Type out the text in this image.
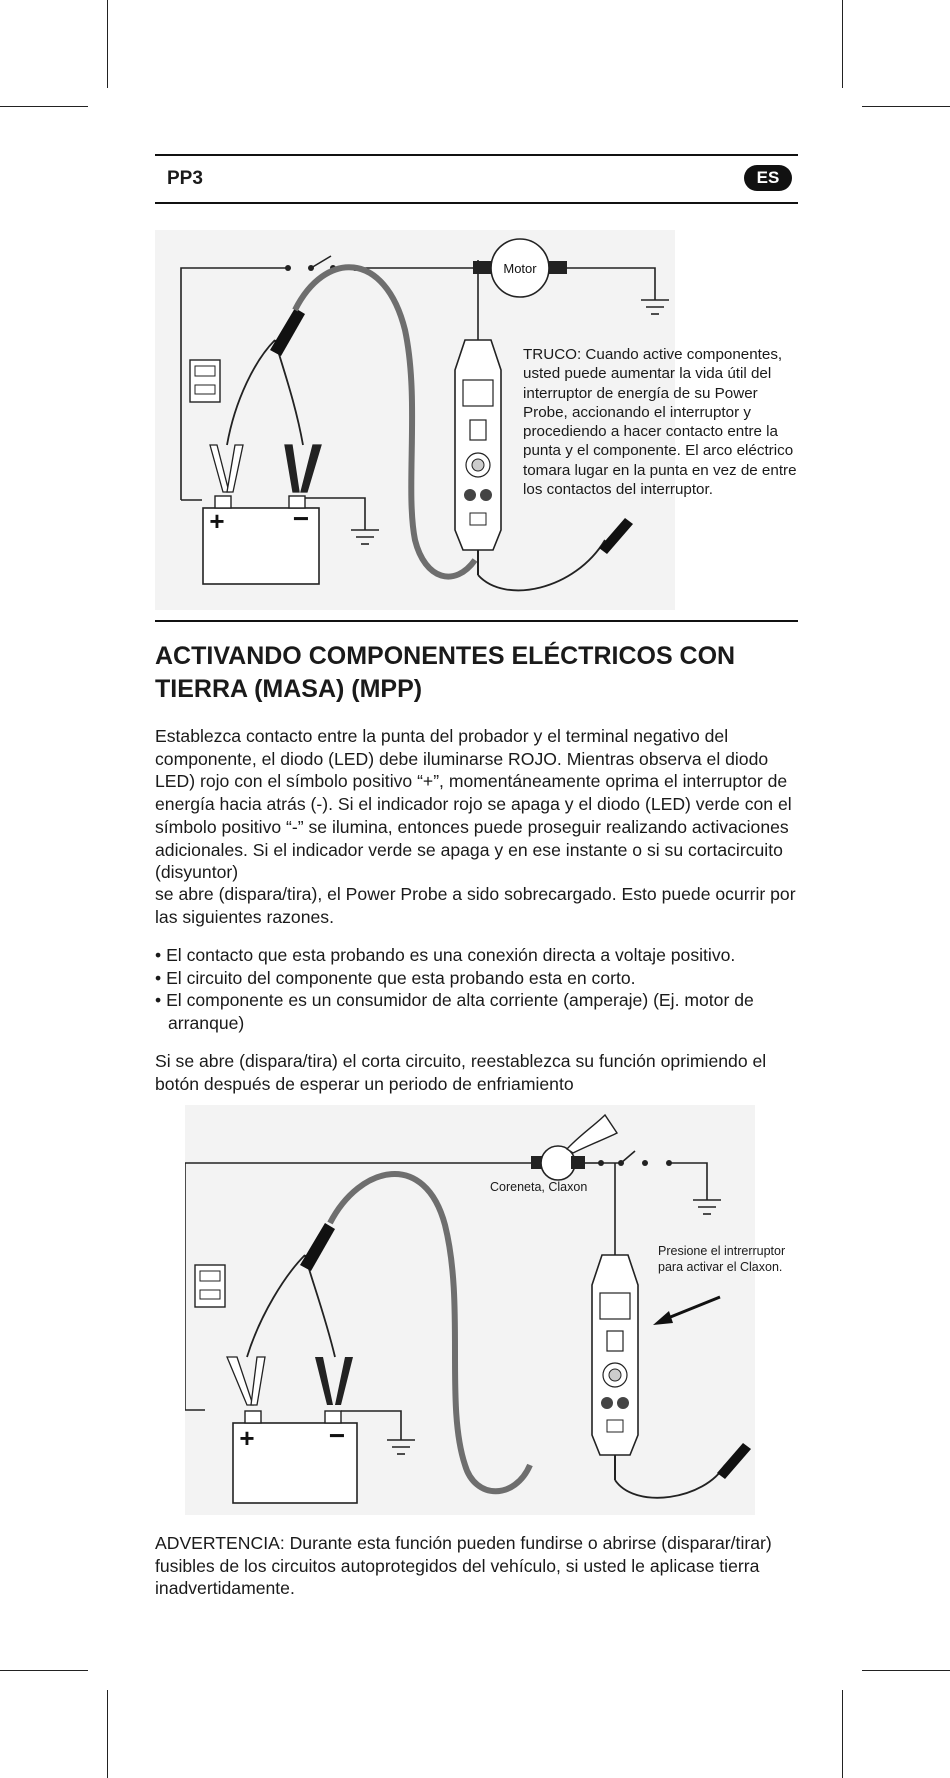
PP3	ES
Motor
+ −
TRUCO: Cuando active componentes, usted puede aumentar la vida útil del interruptor de energía de su Power Probe, accionando el interruptor y procediendo a hacer contacto entre la punta y el componente. El arco eléctrico tomara lugar en la punta en vez de entre los contactos del interruptor.
ACTIVANDO COMPONENTES ELÉCTRICOS CON TIERRA (MASA) (MPP)

Establezca contacto entre la punta del probador y el terminal negativo del componente, el diodo (LED) debe iluminarse ROJO. Mientras observa el diodo LED) rojo con el símbolo positivo “+”, momentáneamente oprima el interruptor de energía hacia atrás (-). Si el indicador rojo se apaga y el diodo (LED) verde con el símbolo positivo “-” se ilumina, entonces puede proseguir realizando activaciones adicionales. Si el indicador verde se apaga y en ese instante o si su cortacircuito (disyuntor)

se abre (dispara/tira), el Power Probe a sido sobrecargado. Esto puede ocurrir por las siguientes razones.

• El contacto que esta probando es una conexión directa a voltaje positivo.
• El circuito del componente que esta probando esta en corto.
• El componente es un consumidor de alta corriente (amperaje) (Ej. motor de arranque)

Si se abre (dispara/tira) el corta circuito, reestablezca su función oprimiendo el botón después de esperar un periodo de enfriamiento

+	−
Coreneta, Claxon
Presione el intrerruptor para activar el Claxon.

ADVERTENCIA: Durante esta función pueden fundirse o abrirse (disparar/tirar) fusibles de los circuitos autoprotegidos del vehículo, si usted le aplicase tierra inadvertidamente.
